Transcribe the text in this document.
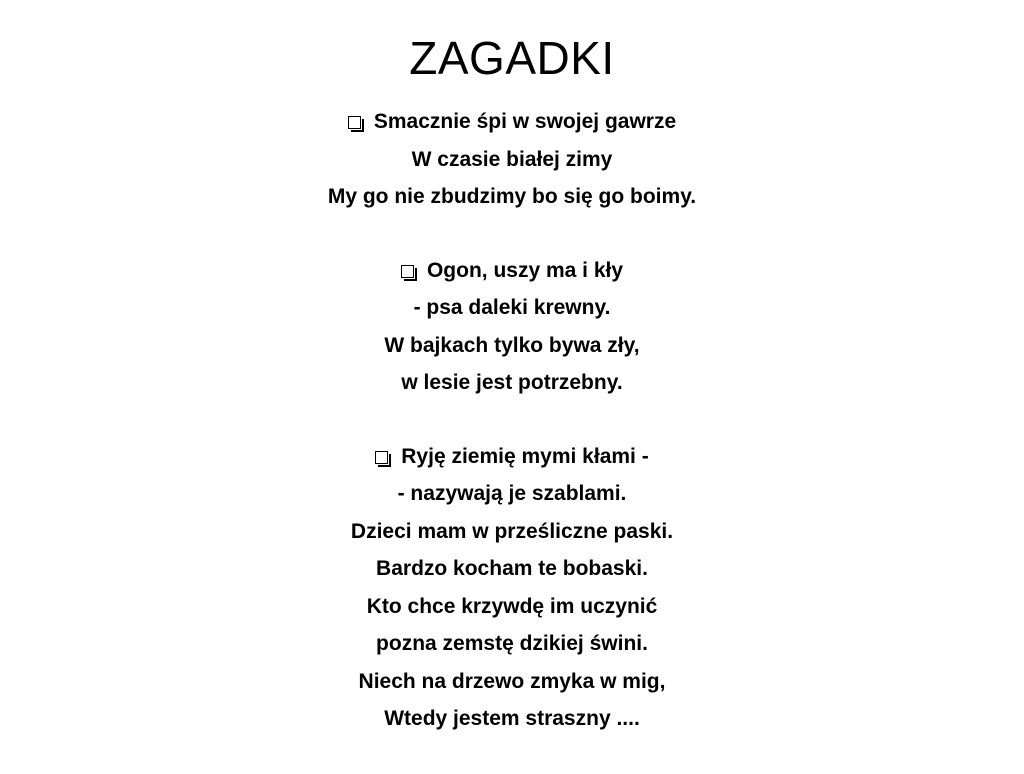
ZAGADKI
Smacznie śpi w swojej gawrze
W czasie białej zimy
My go nie zbudzimy bo się go boimy.
Ogon, uszy ma i kły
- psa daleki krewny.
W bajkach tylko bywa zły,
w lesie jest potrzebny.
Ryję ziemię mymi kłami -
- nazywają je szablami.
Dzieci mam w prześliczne paski.
Bardzo kocham te bobaski.
Kto chce krzywdę im uczynić
pozna zemstę dzikiej świni.
Niech na drzewo zmyka w mig,
Wtedy jestem straszny ....
